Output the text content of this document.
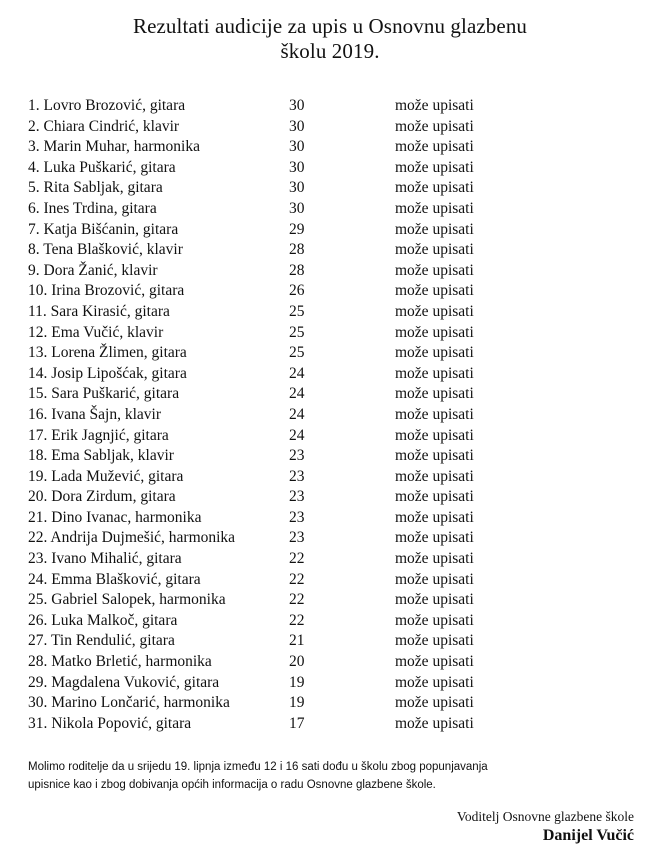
Rezultati audicije za upis u Osnovnu glazbenu
školu 2019.
1. Lovro Brozović, gitara	30	može upisati
2. Chiara Cindrić, klavir	30	može upisati
3. Marin Muhar, harmonika	30	može upisati
4. Luka Puškarić, gitara	30	može upisati
5. Rita Sabljak, gitara	30	može upisati
6. Ines Trdina, gitara	30	može upisati
7. Katja Bišćanin, gitara	29	može upisati
8. Tena Blašković, klavir	28	može upisati
9. Dora Žanić, klavir	28	može upisati
10. Irina Brozović, gitara	26	može upisati
11. Sara Kirasić, gitara	25	može upisati
12. Ema Vučić, klavir	25	može upisati
13. Lorena Žlimen, gitara	25	može upisati
14. Josip Lipošćak, gitara	24	može upisati
15. Sara Puškarić, gitara	24	može upisati
16. Ivana Šajn, klavir	24	može upisati
17. Erik Jagnjić, gitara	24	može upisati
18. Ema Sabljak, klavir	23	može upisati
19. Lada Mužević, gitara	23	može upisati
20. Dora Zirdum, gitara	23	može upisati
21. Dino Ivanac, harmonika	23	može upisati
22. Andrija Dujmešić, harmonika	23	može upisati
23. Ivano Mihalić, gitara	22	može upisati
24. Emma Blašković, gitara	22	može upisati
25. Gabriel Salopek, harmonika	22	može upisati
26. Luka Malkoč, gitara	22	može upisati
27. Tin Rendulić, gitara	21	može upisati
28. Matko Brletić, harmonika	20	može upisati
29. Magdalena Vuković, gitara	19	može upisati
30. Marino Lončarić, harmonika	19	može upisati
31. Nikola Popović, gitara	17	može upisati
Molimo roditelje da u srijedu 19. lipnja između 12 i 16 sati dođu u školu zbog popunjavanja
upisnice kao i zbog dobivanja općih informacija o radu Osnovne glazbene škole.
Voditelj Osnovne glazbene škole
Danijel Vučić
